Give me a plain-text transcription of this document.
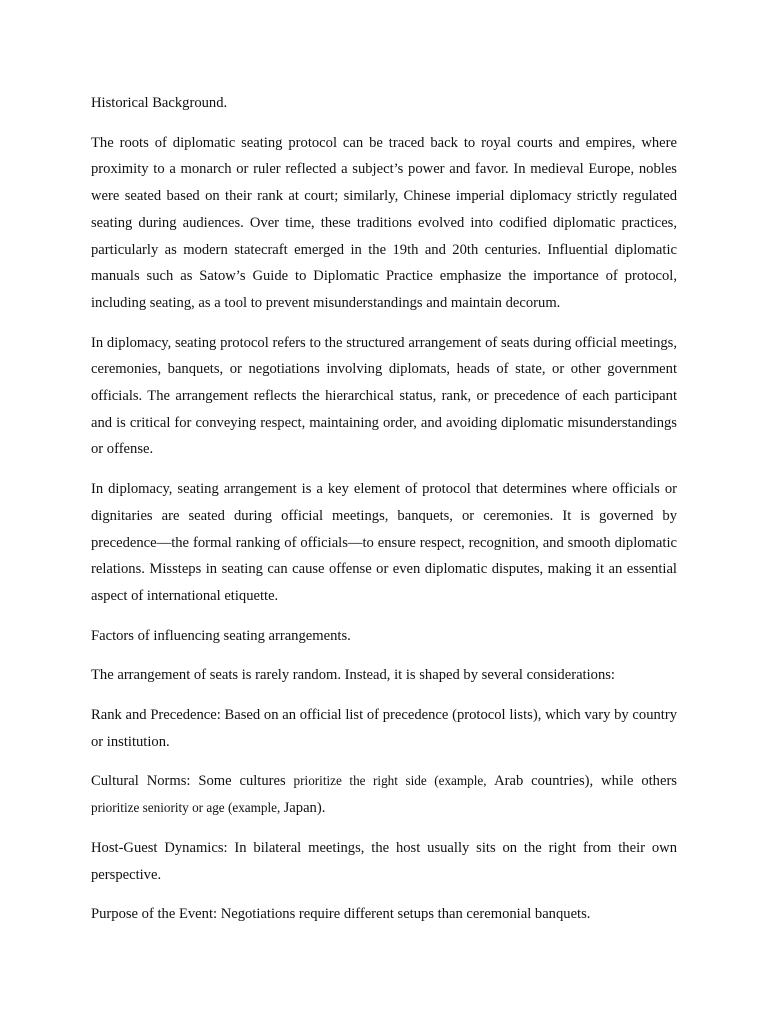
Historical Background.

The roots of diplomatic seating protocol can be traced back to royal courts and empires, where proximity to a monarch or ruler reflected a subject’s power and favor. In medieval Europe, nobles were seated based on their rank at court; similarly, Chinese imperial diplomacy strictly regulated seating during audiences. Over time, these traditions evolved into codified diplomatic practices, particularly as modern statecraft emerged in the 19th and 20th centuries. Influential diplomatic manuals such as Satow’s Guide to Diplomatic Practice emphasize the importance of protocol, including seating, as a tool to prevent misunderstandings and maintain decorum.

In diplomacy, seating protocol refers to the structured arrangement of seats during official meetings, ceremonies, banquets, or negotiations involving diplomats, heads of state, or other government officials. The arrangement reflects the hierarchical status, rank, or precedence of each participant and is critical for conveying respect, maintaining order, and avoiding diplomatic misunderstandings or offense.

In diplomacy, seating arrangement is a key element of protocol that determines where officials or dignitaries are seated during official meetings, banquets, or ceremonies. It is governed by precedence—the formal ranking of officials—to ensure respect, recognition, and smooth diplomatic relations. Missteps in seating can cause offense or even diplomatic disputes, making it an essential aspect of international etiquette.

Factors of influencing seating arrangements.

The arrangement of seats is rarely random. Instead, it is shaped by several considerations:

Rank and Precedence: Based on an official list of precedence (protocol lists), which vary by country or institution.

Cultural Norms: Some cultures prioritize the right side (example, Arab countries), while others prioritize seniority or age (example, Japan).

Host-Guest Dynamics: In bilateral meetings, the host usually sits on the right from their own perspective.

Purpose of the Event: Negotiations require different setups than ceremonial banquets.
